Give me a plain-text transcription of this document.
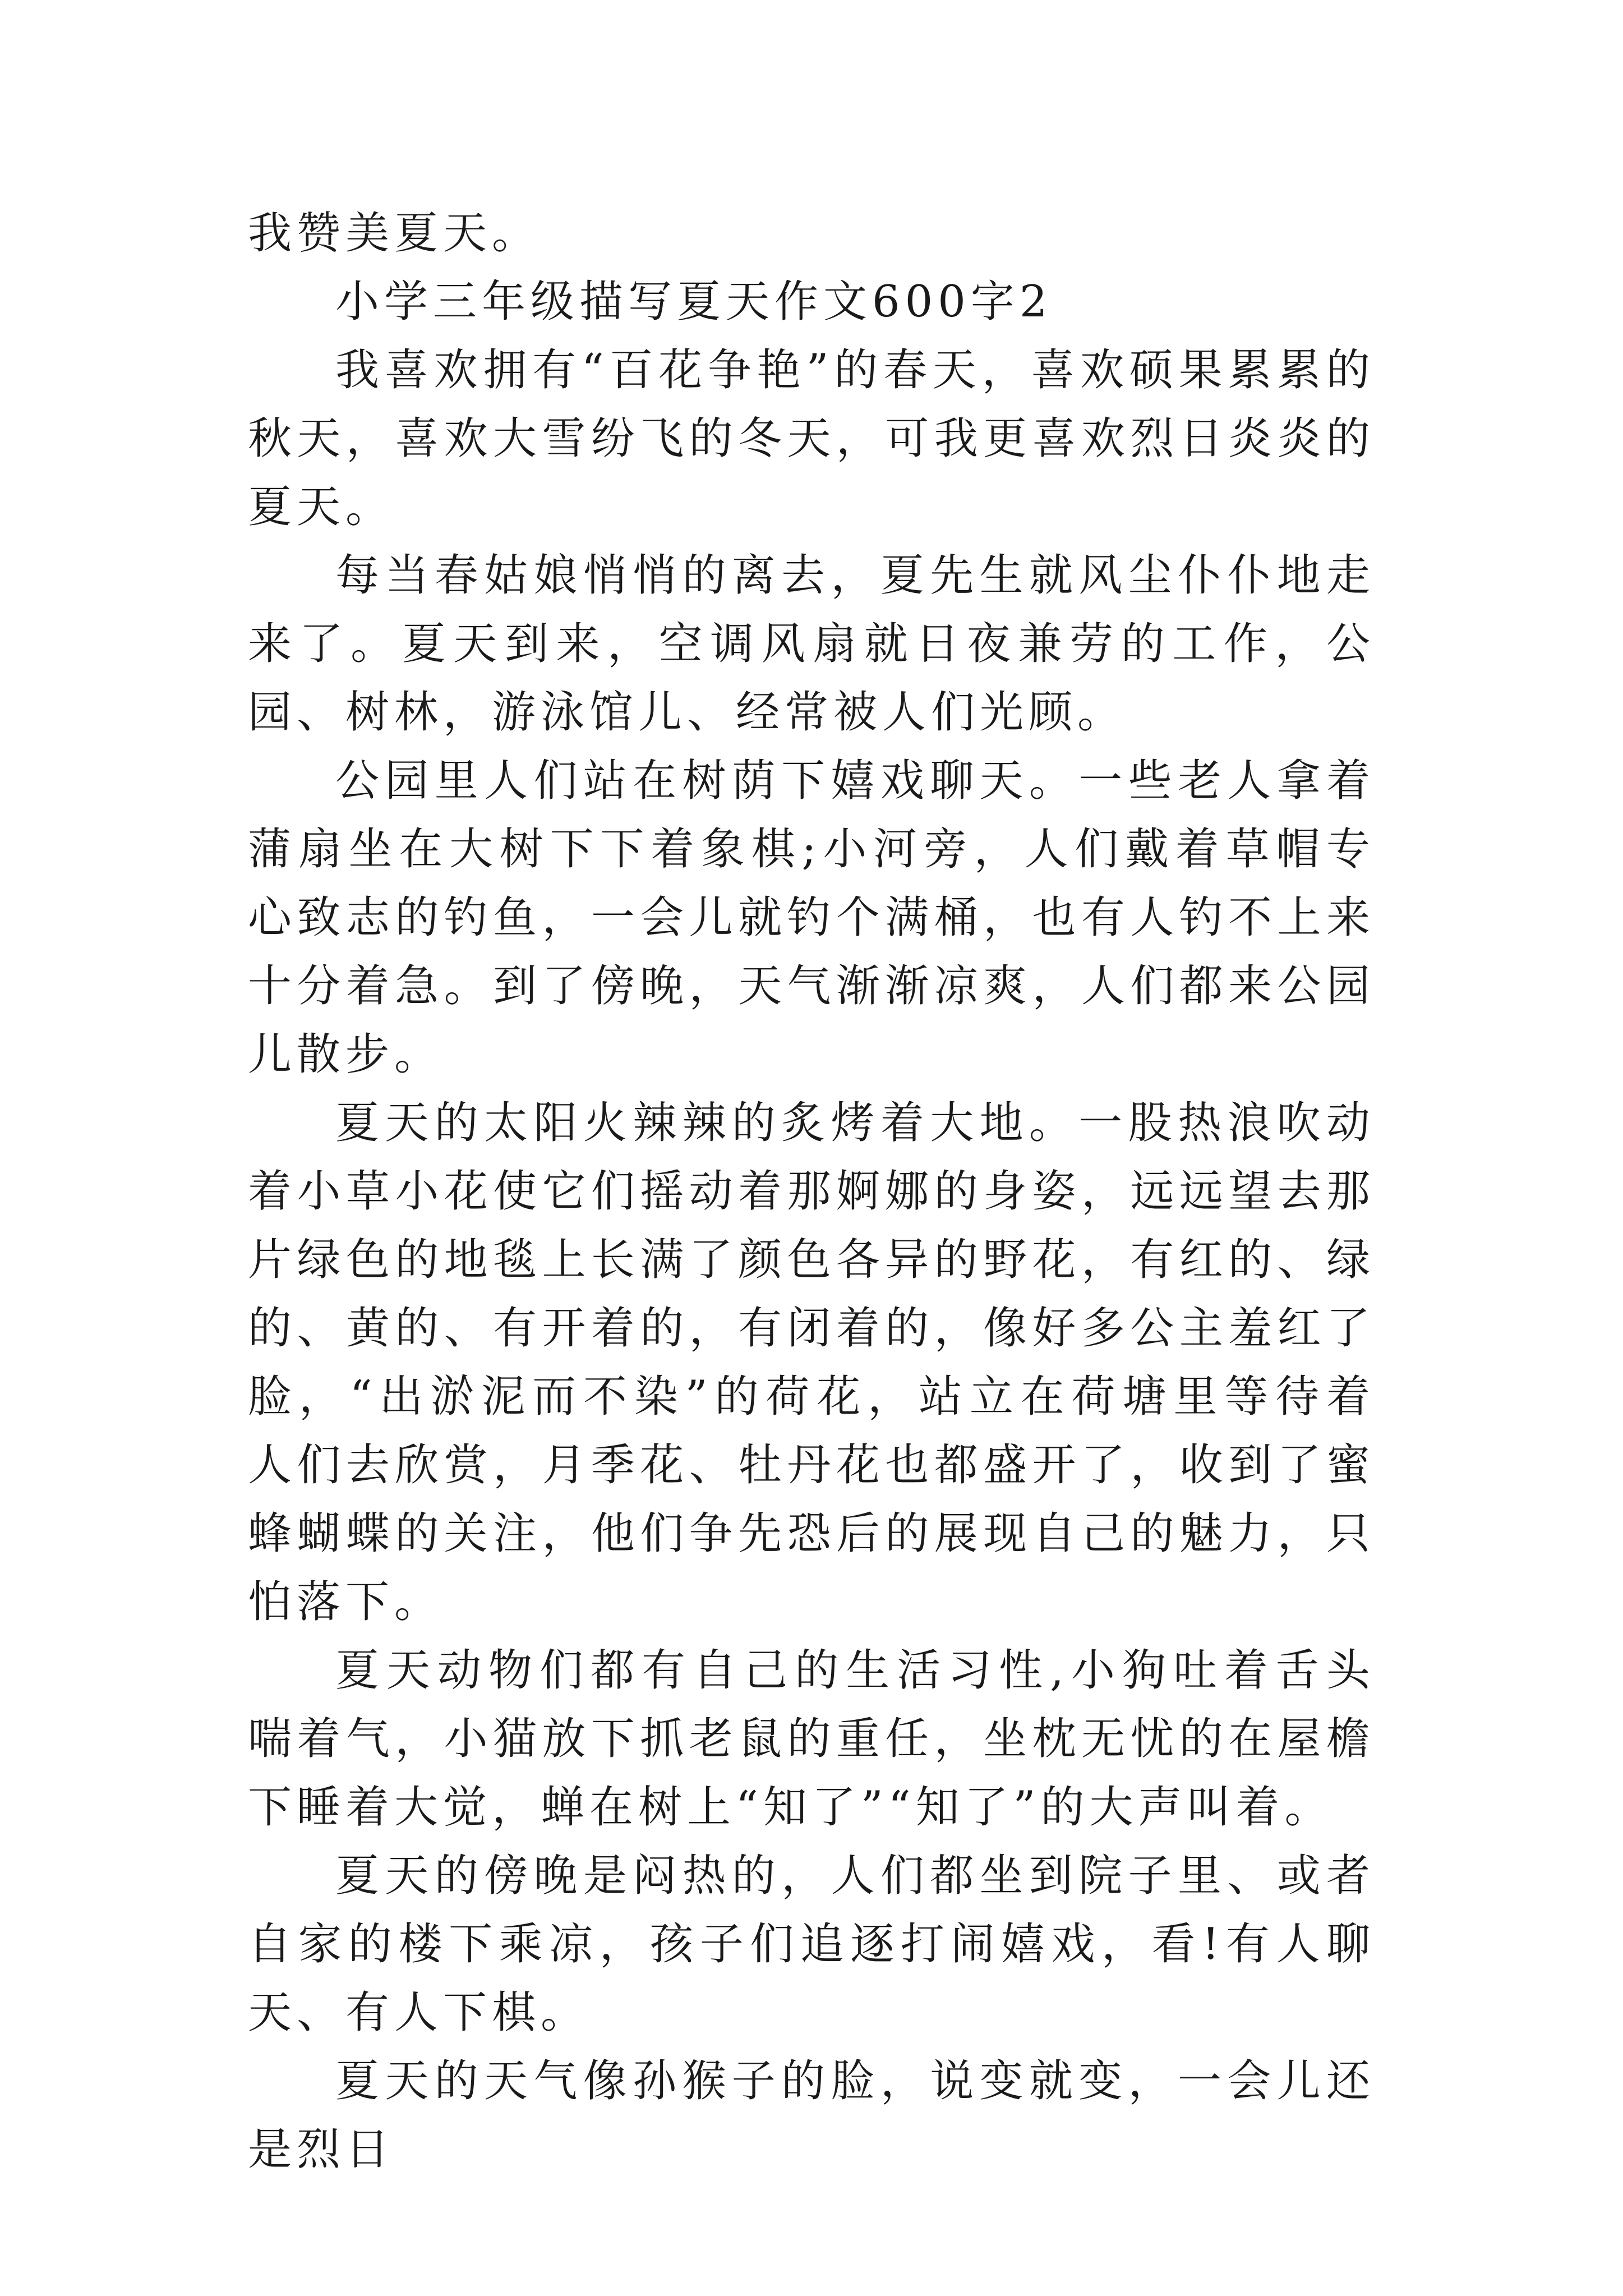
我赞美夏天。

小学三年级描写夏天作文600字2

我喜欢拥有“百花争艳”的春天，喜欢硕果累累的秋天，喜欢大雪纷飞的冬天，可我更喜欢烈日炎炎的夏天。

每当春姑娘悄悄的离去，夏先生就风尘仆仆地走来了。夏天到来，空调风扇就日夜兼劳的工作，公园、树林，游泳馆儿、经常被人们光顾。

公园里人们站在树荫下嬉戏聊天。一些老人拿着蒲扇坐在大树下下着象棋;小河旁，人们戴着草帽专心致志的钓鱼，一会儿就钓个满桶，也有人钓不上来十分着急。到了傍晚，天气渐渐凉爽，人们都来公园儿散步。

夏天的太阳火辣辣的炙烤着大地。一股热浪吹动着小草小花使它们摇动着那婀娜的身姿，远远望去那片绿色的地毯上长满了颜色各异的野花，有红的、绿的、黄的、有开着的，有闭着的，像好多公主羞红了脸，“出淤泥而不染”的荷花，站立在荷塘里等待着人们去欣赏，月季花、牡丹花也都盛开了，收到了蜜蜂蝴蝶的关注，他们争先恐后的展现自己的魅力，只怕落下。

夏天动物们都有自己的生活习性,小狗吐着舌头喘着气，小猫放下抓老鼠的重任，坐枕无忧的在屋檐下睡着大觉，蝉在树上“知了”“知了”的大声叫着。

夏天的傍晚是闷热的，人们都坐到院子里、或者自家的楼下乘凉，孩子们追逐打闹嬉戏，看!有人聊天、有人下棋。

夏天的天气像孙猴子的脸，说变就变，一会儿还是烈日
